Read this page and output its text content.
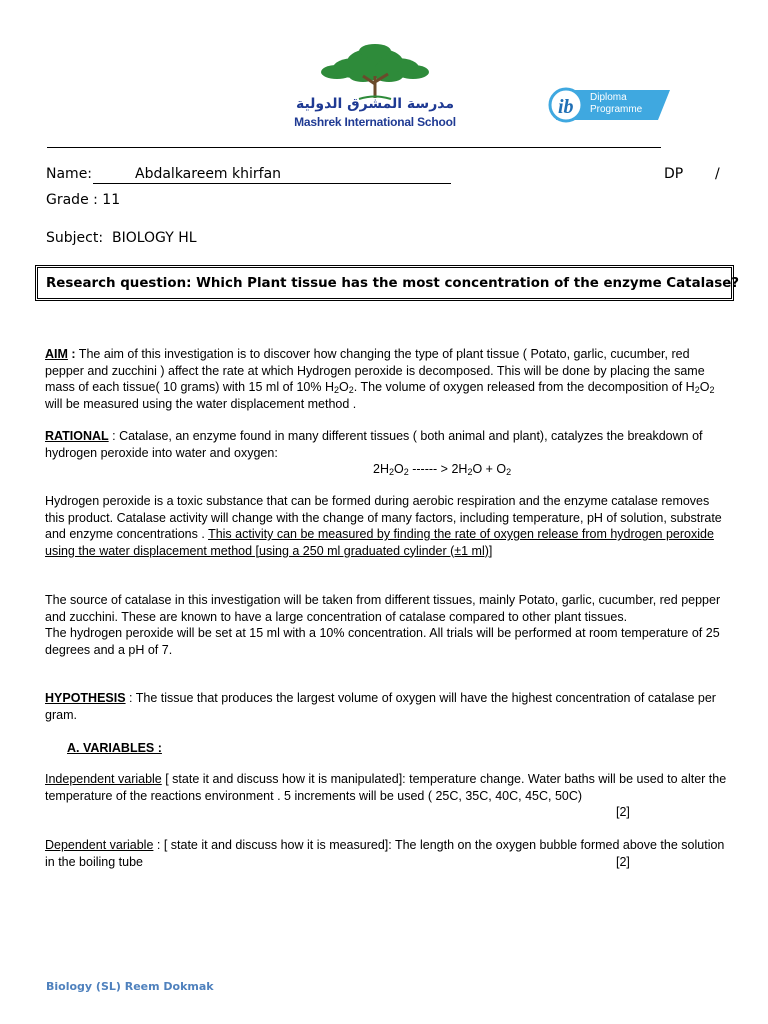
مدرسة المشرق الدولية
Mashrek International School
ib Diploma
Programme
Name:	Abdalkareem khirfan	DP /
Grade : 11
Subject: BIOLOGY HL
Research question: Which Plant tissue has the most concentration of the enzyme Catalase?
AIM : The aim of this investigation is to discover how changing the type of plant tissue ( Potato, garlic, cucumber, red pepper and zucchini ) affect the rate at which Hydrogen peroxide is decomposed. This will be done by placing the same mass of each tissue( 10 grams) with 15 ml of 10% $H_2O_2$. The volume of oxygen released from the decomposition of $H_2O_2$ will be measured using the water displacement method .
RATIONAL : Catalase, an enzyme found in many different tissues ( both animal and plant), catalyzes the breakdown of hydrogen peroxide into water and oxygen:
$2H_2O_2$ ------ > $2H_2O + O_2$
Hydrogen peroxide is a toxic substance that can be formed during aerobic respiration and the enzyme catalase removes this product. Catalase activity will change with the change of many factors, including temperature, pH of solution, substrate and enzyme concentrations . This activity can be measured by finding the rate of oxygen release from hydrogen peroxide using the water displacement method [using a 250 ml graduated cylinder (±1 ml)]
The source of catalase in this investigation will be taken from different tissues, mainly Potato, garlic, cucumber, red pepper and zucchini. These are known to have a large concentration of catalase compared to other plant tissues.
The hydrogen peroxide will be set at 15 ml with a 10% concentration. All trials will be performed at room temperature of 25 degrees and a pH of 7.
HYPOTHESIS : The tissue that produces the largest volume of oxygen will have the highest concentration of catalase per gram.
A. VARIABLES :
Independent variable [ state it and discuss how it is manipulated]: temperature change. Water baths will be used to alter the temperature of the reactions environment . 5 increments will be used ( 25C, 35C, 40C, 45C, 50C)
[2]
Dependent variable : [ state it and discuss how it is measured]: The length on the oxygen bubble formed above the solution in the boiling tube	[2]
Biology (SL) Reem Dokmak
